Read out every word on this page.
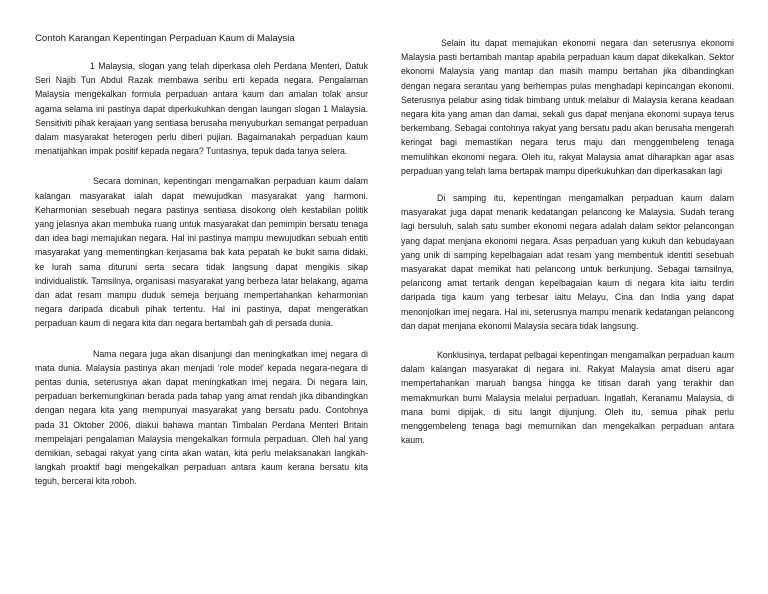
Contoh Karangan Kepentingan Perpaduan Kaum di Malaysia

1 Malaysia, slogan yang telah diperkasa oleh Perdana Menteri, Datuk Seri Najib Tun Abdul Razak membawa seribu erti kepada negara. Pengalaman Malaysia mengekalkan formula perpaduan antara kaum dan amalan tolak ansur agama selama ini pastinya dapat diperkukuhkan dengan laungan slogan 1 Malaysia. Sensitiviti pihak kerajaan yang sentiasa berusaha menyuburkan semangat perpaduan dalam masyarakat heterogen perlu diberi pujian. Bagaimanakah perpaduan kaum menatijahkan impak positif kepada negara? Tuntasnya, tepuk dada tanya selera.

Secara dominan, kepentingan mengamalkan perpaduan kaum dalam kalangan masyarakat ialah dapat mewujudkan masyarakat yang harmoni. Keharmonian sesebuah negara pastinya sentiasa disokong oleh kestabilan politik yang jelasnya akan membuka ruang untuk masyarakat dan pemimpin bersatu tenaga dan idea bagi memajukan negara. Hal ini pastinya mampu mewujudkan sebuah entiti masyarakat yang mementingkan kerjasama bak kata pepatah ke bukit sama didaki, ke lurah sama dituruni serta secara tidak langsung dapat mengikis sikap individualistik. Tamsilnya, organisasi masyarakat yang berbeza latar belakang, agama dan adat resam mampu duduk semeja berjuang mempertahankan keharmonian negara daripada dicabuli pihak tertentu. Hal ini pastinya, dapat mengeratkan perpaduan kaum di negara kita dan negara bertambah gah di persada dunia.

Nama negara juga akan disanjungi dan meningkatkan imej negara di mata dunia. Malaysia pastinya akan menjadi ‘role model’ kepada negara-negara di pentas dunia, seterusnya akan dapat meningkatkan imej negara. Di negara lain, perpaduan berkemungkinan berada pada tahap yang amat rendah jika dibandingkan dengan negara kita yang mempunyai masyarakat yang bersatu padu. Contohnya pada 31 Oktober 2006, diakui bahawa mantan Timbalan Perdana Menteri Britain mempelajari pengalaman Malaysia mengekalkan formula perpaduan. Oleh hal yang demikian, sebagai rakyat yang cinta akan watan, kita perlu melaksanakan langkah-langkah proaktif bagi mengekalkan perpaduan antara kaum kerana bersatu kita teguh, bercerai kita roboh.

Selain itu dapat memajukan ekonomi negara dan seterusnya ekonomi Malaysia pasti bertambah mantap apabila perpaduan kaum dapat dikekalkan. Sektor ekonomi Malaysia yang mantap dan masih mampu bertahan jika dibandingkan dengan negara serantau yang berhempas pulas menghadapi kepincangan ekonomi. Seterusnya pelabur asing tidak bimbang untuk melabur di Malaysia kerana keadaan negara kita yang aman dan damai, sekali gus dapat menjana ekonomi supaya terus berkembang. Sebagai contohnya rakyat yang bersatu padu akan berusaha mengerah keringat bagi memastikan negara terus maju dan menggembeleng tenaga memulihkan ekonomi negara. Oleh itu, rakyat Malaysia amat diharapkan agar asas perpaduan yang telah lama bertapak mampu diperkukuhkan dan diperkasakan lagi

Di samping itu, kepentingan mengamalkan perpaduan kaum dalam masyarakat juga dapat menarik kedatangan pelancong ke Malaysia. Sudah terang lagi bersuluh, salah satu sumber ekonomi negara adalah dalam sektor pelancongan yang dapat menjana ekonomi negara. Asas perpaduan yang kukuh dan kebudayaan yang unik di samping kepelbagaian adat resam yang membentuk identiti sesebuah masyarakat dapat memikat hati pelancong untuk berkunjung. Sebagai tamsilnya, pelancong amat tertarik dengan kepelbagaian kaum di negara kita iaitu terdiri daripada tiga kaum yang terbesar iaitu Melayu, Cina dan India yang dapat menonjolkan imej negara. Hal ini, seterusnya mampu menarik kedatangan pelancong dan dapat menjana ekonomi Malaysia secara tidak langsung.

Konklusinya, terdapat pelbagai kepentingan mengamalkan perpaduan kaum dalam kalangan masyarakat di negara ini. Rakyat Malaysia amat diseru agar mempertahankan maruah bangsa hingga ke titisan darah yang terakhir dan memakmurkan bumi Malaysia melalui perpaduan. Ingatlah, Keranamu Malaysia, di mana bumi dipijak, di situ langit dijunjung. Oleh itu, semua pihak perlu menggembeleng tenaga bagi memurnikan dan mengekalkan perpaduan antara kaum.
